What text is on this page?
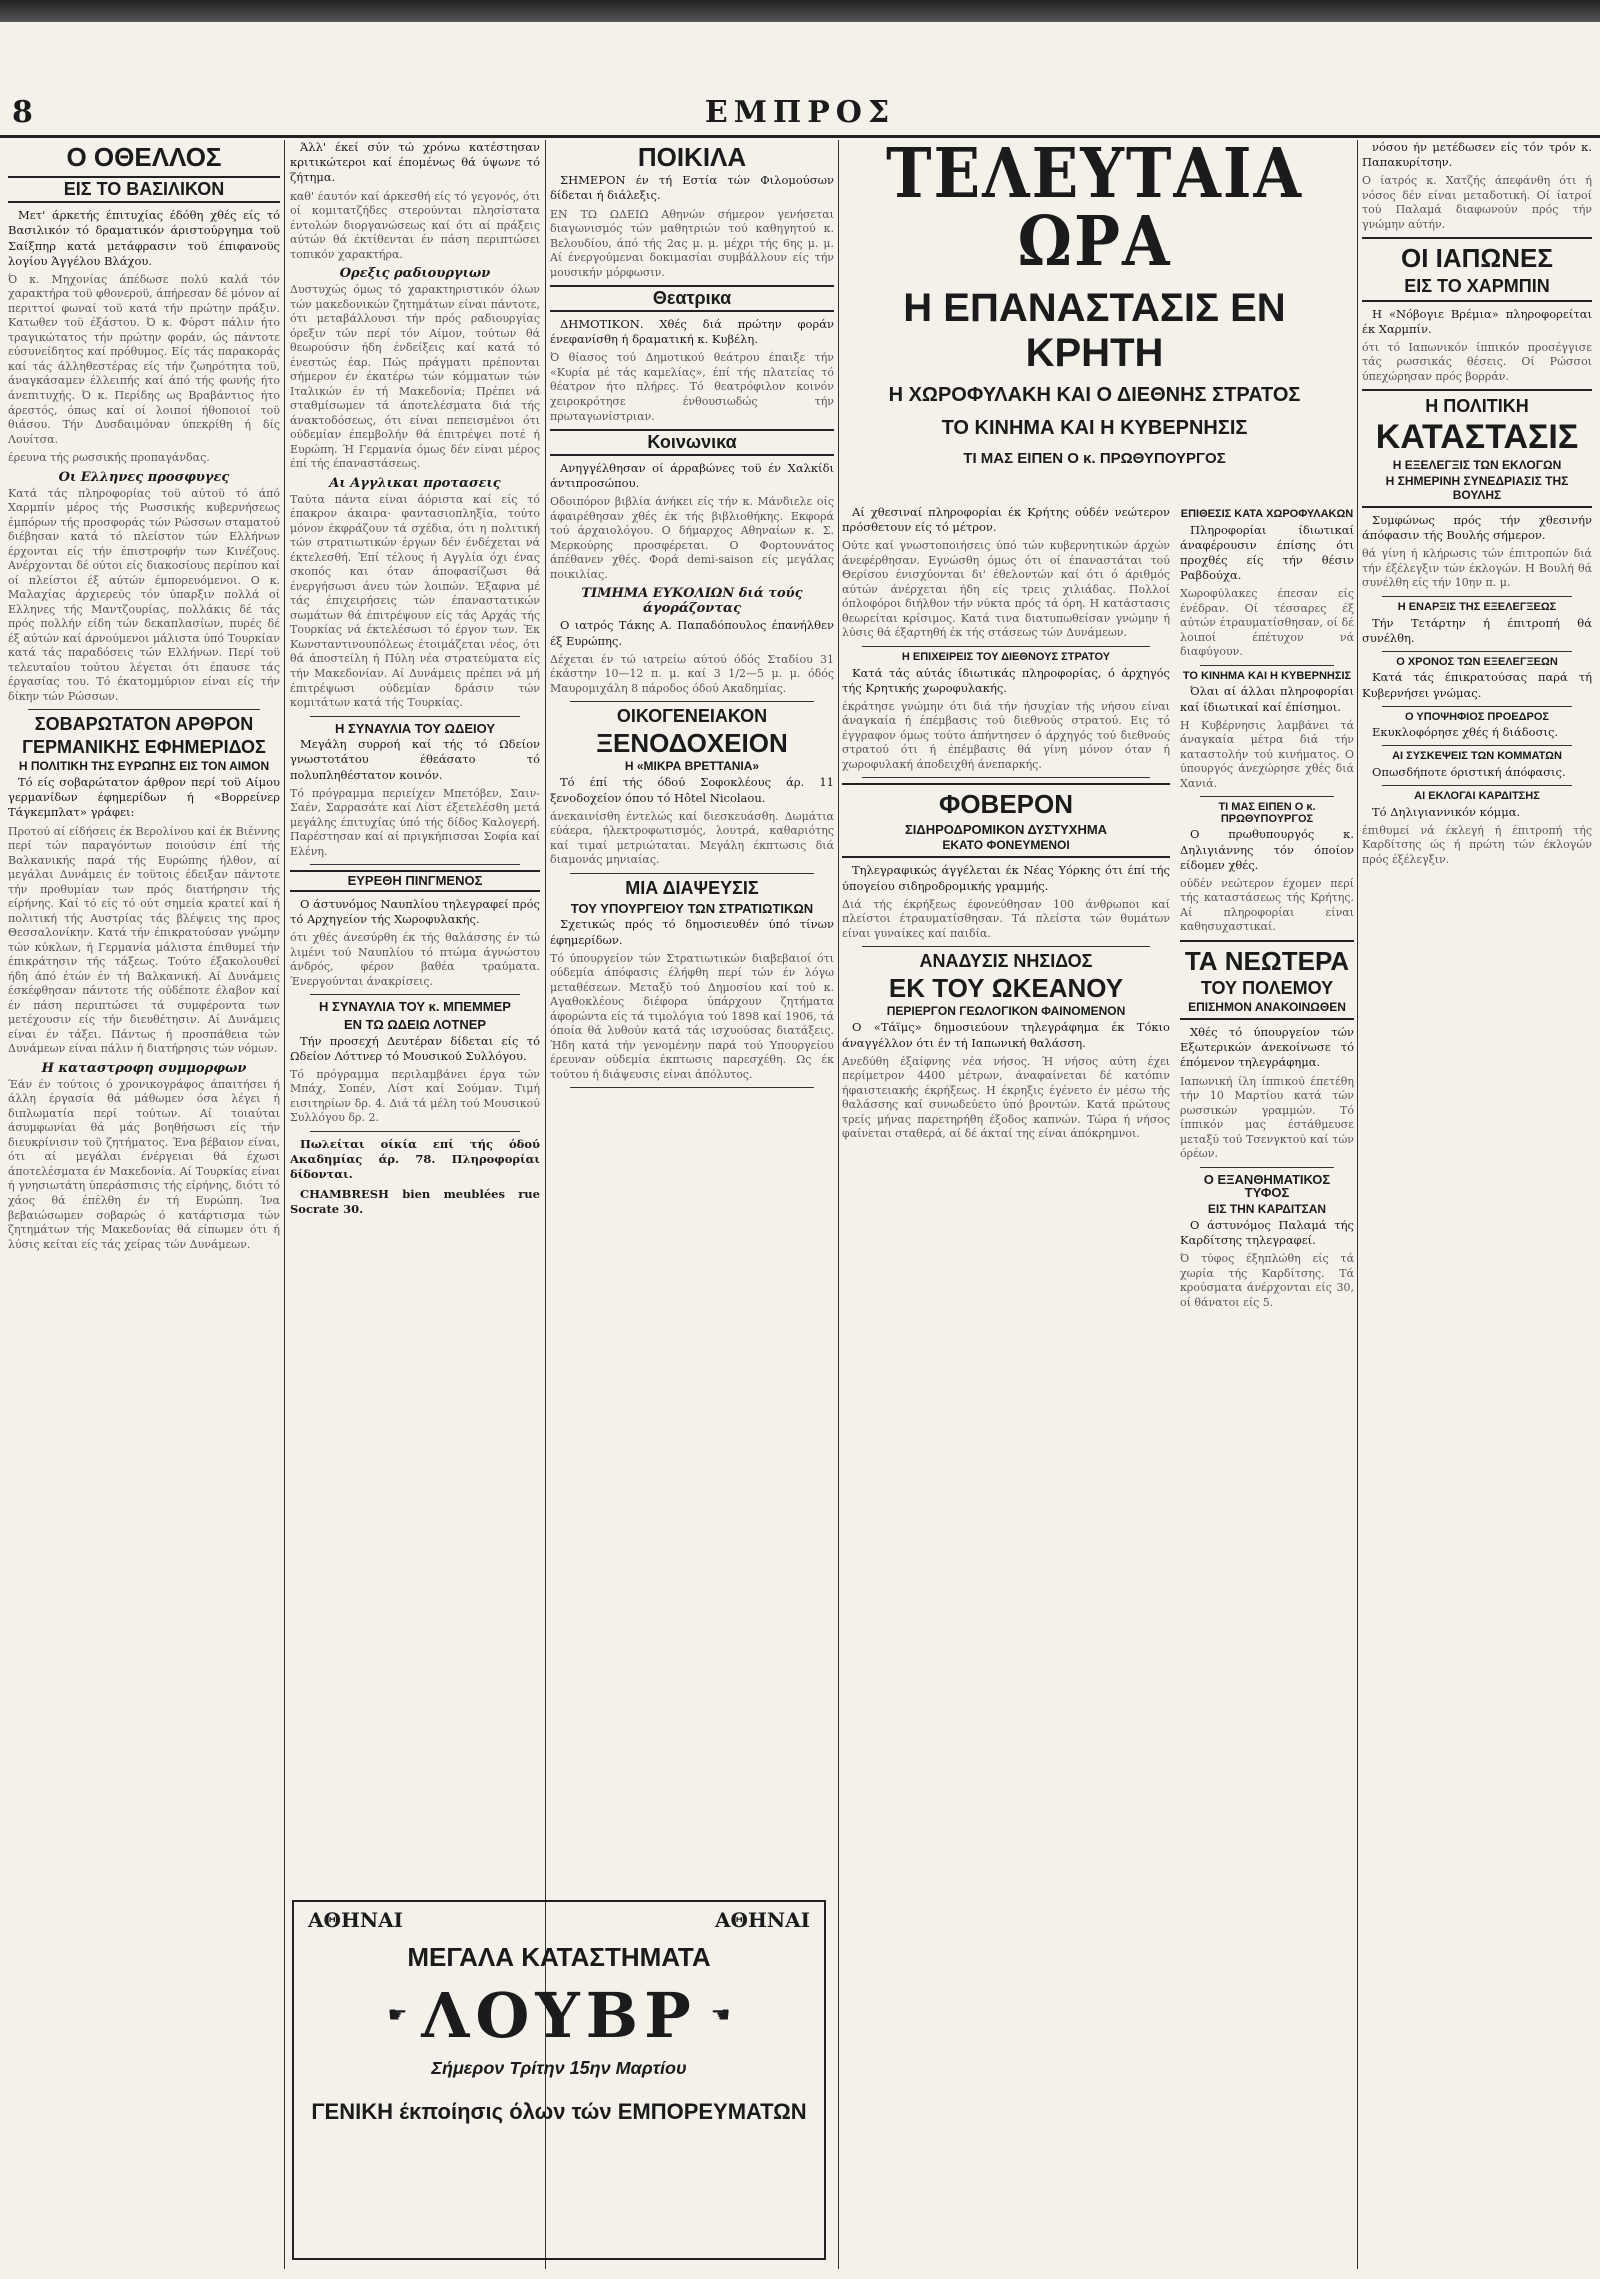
8	ΕΜΠΡΟΣ
Ο ΟΘΕΛΛΟΣ
ΕΙΣ ΤΟ ΒΑΣΙΛΙΚΟΝ

Μετ' άρκετής έπιτυχίας έδόθη χθές είς τό Βασιλικόν τό δραματικόν άριστούργημα τοϋ Σαίξπηρ κατά μετάφρασιν τοϋ έπιφανοϋς λογίου Άγγέλου Βλάχου.

Ό κ. Μηχονίας άπέδωσε πολύ καλά τόν χαρακτήρα τοϋ φθονεροϋ, άπήρεσαν δέ μόνον αί περιττοί φωναί τοϋ κατά τήν πρώτην πράξιν. Κατωθεν τοϋ έξάστου. Ό κ. Φύρστ πάλιν ήτο τραγικώτατος τήν πρώτην φοράν, ώς πάντοτε εύσυνείδητος καί πρόθυμος. Είς τάς παρακοράς καί τάς άλληθεστέρας είς τήν ζωηρότητα τοϋ, άναγκάσαμεν έλλειπής καί άπό τής φωνής ήτο άνεπιτυχής. Ό κ. Περίδης ως Βραβάντιος ήτο άρεστός, όπως καί οί λοιποί ήθοποιοί τοϋ θιάσου. Τήν Δυσδαιμόναν ύπεκρίθη ή δίς Λουίτσα.
έρευνα τής ρωσσικής προπαγάνδας.
Οι Ελληνες προσφυγες
Κατά τάς πληροφορίας τοϋ αύτοϋ τό άπό Χαρμπίν μέρος τής Ρωσσικής κυβερνήσεως έμπόρων τής προσφοράς τών Ρώσσων σταματού διέβησαν κατά τό πλείστον τών Ελλήνων έρχονται είς τήν έπιστροφήν των Κινέζους. Ανέρχονται δέ ούτοι είς διακοσίους περίπου καί οί πλείστοι έξ αύτών έμπορευόμενοι. Ο κ. Μαλαχίας άρχιερεύς τόν ύπαρξιν πολλά οί Ελληνες τής Μαντζουρίας, πολλάκις δέ τάς πρός πολλήν είδη τών δεκαπλασίων, πυρές δέ έξ αύτών καί άρνούμενοι μάλιστα ύπό Τουρκίαν κατά τάς παραδόσεις τών Ελλήνων. Περί τοϋ τελευταίου τούτου λέγεται ότι έπαυσε τάς έργασίας του. Τό έκατομμύριον είναι είς τήν δίκην τών Ρώσσων.
ΣΟΒΑΡΩΤΑΤΟΝ ΑΡΘΡΟΝ
ΓΕΡΜΑΝΙΚΗΣ ΕΦΗΜΕΡΙΔΟΣ
Η ΠΟΛΙΤΙΚΗ ΤΗΣ ΕΥΡΩΠΗΣ ΕΙΣ ΤΟΝ ΑΙΜΟΝ

Τό είς σοβαρώτατον άρθρον περί τοϋ Αίμου γερμανίδων έφημερίδων ή «Βορρείνερ Τάγκεμπλατ» γράφει:

Προτού αί είδήσεις έκ Βερολίνου καί έκ Βιέννης περί τών παραγόντων ποιούσιν έπί τής Βαλκανικής παρά τής Ευρώπης ήλθον, αί μεγάλαι Δυνάμεις έν τοϋτοις έδειξαν πάντοτε τήν προθυμίαν των πρός διατήρησιν τής είρήνης. Καί τό είς τό ούτ σημεία κρατεί καί ή πολιτική τής Αυστρίας τάς βλέψεις της προς Θεσσαλονίκην. Κατά τήν έπικρατούσαν γνώμην τών κύκλων, ή Γερμανία μάλιστα έπιθυμεί τήν έπικράτησιν τής τάξεως. Τούτο έξακολουθεί ήδη άπό έτών έν τή Βαλκανική. Αί Δυνάμεις έσκέφθησαν πάντοτε τής ούδέποτε έλαβον καί έν πάση περιπτώσει τά συμφέροντα των μετέχουσιν είς τήν διευθέτησιν. Αί Δυνάμεις είναι έν τάξει. Πάντως ή προσπάθεια τών Δυνάμεων είναι πάλιν ή διατήρησις τών νόμων.
Η καταστροφη συμμορφων
Έάν έν τούτοις ό χρονικογράφος άπαιτήσει ή άλλη έργασία θά μάθωμεν όσα λέγει ή διπλωματία περί τούτων. Αί τοιαύται άσυμφωνίαι θά μάς βοηθήσωσι είς τήν διευκρίνισιν τοϋ ζητήματος. Ένα βέβαιον είναι, ότι αί μεγάλαι ένέργειαι θά έχωσι άποτελέσματα έν Μακεδονία. Αί Τουρκίας είναι ή γνησιωτάτη ύπεράσπισις τής είρήνης, διότι τό χάος θά έπέλθη έν τή Ευρώπη. Ίνα βεβαιώσωμεν σοβαρώς ό κατάρτισμα τών ζητημάτων τής Μακεδονίας θά είπωμεν ότι ή λύσις κείται είς τάς χείρας τών Δυνάμεων.

Άλλ' έκεί σύν τώ χρόνω κατέστησαν κριτικώτεροι καί έπομένως θά ύψωνε τό ζήτημα.

καθ' έαυτόν καί άρκεσθή είς τό γεγονός, ότι οί κομιτατζήδες στερούνται πλησίστατα έντολών διοργανώσεως καί ότι αί πράξεις αύτών θά έκτίθενται έν πάση περιπτώσει τοπικόν χαρακτήρα.
Ορεξις ραδιουργιων
Δυστυχώς όμως τό χαρακτηριστικόν όλων τών μακεδονικών ζητημάτων είναι πάντοτε, ότι μεταβάλλουσι τήν πρός ραδιουργίας όρεξιν τών περί τόν Αίμον, τούτων θά θεωρούσιν ήδη ένδείξεις καί κατά τό ένεστώς έαρ. Πώς πράγματι πρέπονται σήμερον έν έκατέρω τών κόμματων τών Ιταλικών έν τή Μακεδονία; Πρέπει νά σταθμίσωμεν τά άποτελέσματα διά τής άνακτοδόσεως, ότι είναι πεπεισμένοι ότι ούδεμίαν έπεμβολήν θά έπιτρέψει ποτέ ή Ευρώπη. Ή Γερμανία όμως δέν είναι μέρος έπί τής έπαναστάσεως.
Αι Αγγλικαι προτασεις
Ταύτα πάντα είναι άόριστα καί είς τό έπακρον άκαιρα· φαντασιοπληξία, τούτο μόνον έκφράζουν τά σχέδια, ότι η πολιτική τών στρατιωτικών έργων δέν ένδέχεται νά έκτελεσθή. Έπί τέλους ή Αγγλία όχι ένας σκοπός και όταν άποφασίζωσι θά ένεργήσωσι άνευ τών λοιπών. Έξαφνα μέ τάς έπιχειρήσεις τών έπαναστατικών σωμάτων θά έπιτρέψουν είς τάς Αρχάς τής Τουρκίας νά έκτελέσωσι τό έργον των. Έκ Κωνσταντινουπόλεως έτοιμάζεται νέος, ότι θά άποστείλη ή Πύλη νέα στρατεύματα είς τήν Μακεδονίαν. Αί Δυνάμεις πρέπει νά μή έπιτρέψωσι ούδεμίαν δράσιν τών κομιτάτων κατά τής Τουρκίας.
Η ΣΥΝΑΥΛΙΑ ΤΟΥ ΩΔΕΙΟΥ

Μεγάλη συρροή καί τής τό Ωδείον γνωστοτάτου έθεάσατο τό πολυπληθέστατον κοινόν.

Τό πρόγραμμα περιείχεν Μπετόβεν, Σαιν-Σαέν, Σαρρασάτε καί Λίστ έξετελέσθη μετά μεγάλης έπιτυχίας ύπό τής δίδος Καλογερή. Παρέστησαν καί αί πριγκήπισσαι Σοφία καί Ελένη.
ΕΥΡΕΘΗ ΠΙΝΓΜΕΝΟΣ

Ο άστυνόμος Ναυπλίου τηλεγραφεί πρός τό Αρχηγείον τής Χωροφυλακής.

ότι χθές άνεσύρθη έκ τής θαλάσσης έν τώ λιμένι τού Ναυπλίου τό πτώμα άγνώστου άνδρός, φέρον βαθέα τραύματα. Ένεργούνται άνακρίσεις.
Η ΣΥΝΑΥΛΙΑ ΤΟΥ κ. ΜΠΕΜΜΕΡ
ΕΝ ΤΩ ΩΔΕΙΩ ΛΟΤΝΕΡ

Τήν προσεχή Δευτέραν δίδεται είς τό Ωδείον Λόττνερ τό Μουσικού Συλλόγου.

Τό πρόγραμμα περιλαμβάνει έργα τών Μπάχ, Σοπέν, Λίστ καί Σούμαν. Τιμή εισιτηρίων δρ. 4. Διά τά μέλη τού Μουσικού Συλλόγου δρ. 2.

Πωλείται οίκία επί τής όδού Ακαδημίας άρ. 78. Πληροφορίαι δίδονται.

CHAMBRESH bien meublées rue Socrate 30.

ΠΟΙΚΙΛΑ

ΣΗΜΕΡΟΝ έν τή Εστία τών Φιλομούσων δίδεται ή διάλεξις.

ΕΝ ΤΩ ΩΔΕΙΩ Αθηνών σήμερον γενήσεται διαγωνισμός τών μαθητριών τού καθηγητού κ. Βελουδίου, άπό τής 2ας μ. μ. μέχρι τής 6ης μ. μ. Αί ένεργούμεναι δοκιμασίαι συμβάλλουν είς τήν μουσικήν μόρφωσιν.
Θεατρικα

ΔΗΜΟΤΙΚΟΝ. Χθές διά πρώτην φοράν ένεφανίσθη ή δραματική κ. Κυβέλη.

Ό θίασος τού Δημοτικού θεάτρου έπαιξε τήν «Κυρία μέ τάς καμελίας», έπί τής πλατείας τό θέατρον ήτο πλήρες. Τό θεατρόφιλον κοινόν χειροκρότησε ένθουσιωδώς τήν πρωταγωνίστριαν.
Κοινωνικα

Ανηγγέλθησαν οί άρραβώνες τοϋ έν Χαλκίδι άντιπροσώπου.

Οδοιπόρον βιβλία άνήκει είς τήν κ. Μάνδιελε οίς άφαιρέθησαν χθές έκ τής βιβλιοθήκης. Εκφορά τού άρχαιολόγου. Ο δήμαρχος Αθηναίων κ. Σ. Μερκούρης προσφέρεται. Ο Φορτουνάτος άπέθανεν χθές. Φορά demi-saison είς μεγάλας ποικιλίας.
ΤΙΜΗΜΑ ΕΥΚΟΛΙΩΝ διά τούς άγοράζοντας

Ο ιατρός Τάκης Α. Παπαδόπουλος έπανήλθεν έξ Ευρώπης.

Δέχεται έν τώ ιατρείω αύτού όδός Σταδίου 31 έκάστην 10—12 π. μ. καί 3 1/2—5 μ. μ. όδός Μαυρομιχάλη 8 πάροδος όδού Ακαδημίας.
ΟΙΚΟΓΕΝΕΙΑΚΟΝ
ΞΕΝΟΔΟΧΕΙΟΝ
Η «ΜΙΚΡΑ ΒΡΕΤΤΑΝΙΑ»

Τό έπί τής όδού Σοφοκλέους άρ. 11 ξενοδοχείον όπου τό Hôtel Nicolaou.

άνεκαινίσθη έντελώς καί διεσκευάσθη. Δωμάτια εύάερα, ήλεκτροφωτισμός, λουτρά, καθαριότης καί τιμαί μετριώταται. Μεγάλη έκπτωσις διά διαμονάς μηνιαίας.
ΜΙΑ ΔΙΑΨΕΥΣΙΣ
ΤΟΥ ΥΠΟΥΡΓΕΙΟΥ ΤΩΝ ΣΤΡΑΤΙΩΤΙΚΩΝ

Σχετικώς πρός τό δημοσιευθέν ύπό τίνων έφημερίδων.

Τό ύπουργείον τών Στρατιωτικών διαβεβαιοί ότι ούδεμία άπόφασις έλήφθη περί τών έν λόγω μεταθέσεων. Μεταξύ τού Δημοσίου καί τού κ. Αγαθοκλέους διέφορα ύπάρχουν ζητήματα άφορώντα είς τά τιμολόγια τού 1898 καί 1906, τά όποία θά λυθούν κατά τάς ισχυούσας διατάξεις. Ήδη κατά τήν γενομένην παρά τού Υπουργείου έρευναν ούδεμία έκπτωσις παρεσχέθη. Ως έκ τούτου ή διάψευσις είναι άπόλυτος.
ΤΕΛΕΥΤΑΙΑ ΩΡΑ
Η ΕΠΑΝΑΣΤΑΣΙΣ ΕΝ ΚΡΗΤΗ
Η ΧΩΡΟΦΥΛΑΚΗ ΚΑΙ Ο ΔΙΕΘΝΗΣ ΣΤΡΑΤΟΣ
ΤΟ ΚΙΝΗΜΑ ΚΑΙ Η ΚΥΒΕΡΝΗΣΙΣ
ΤΙ ΜΑΣ ΕΙΠΕΝ Ο κ. ΠΡΩΘΥΠΟΥΡΓΟΣ

Αί χθεσιναί πληροφορίαι έκ Κρήτης ούδέν νεώτερον πρόσθετουν είς τό μέτρον.

Ούτε καί γνωστοποιήσεις ύπό τών κυβερνητικών άρχών άνεφέρθησαν. Εγνώσθη όμως ότι οί έπαναστάται τού Θερίσου ένισχύονται δι' έθελοντών καί ότι ό άριθμός αύτών άνέρχεται ήδη είς τρεις χιλιάδας. Πολλοί όπλοφόροι διήλθον τήν νύκτα πρός τά όρη. Η κατάστασις θεωρείται κρίσιμος. Κατά τινα διατυπωθείσαν γνώμην ή λύσις θά έξαρτηθή έκ τής στάσεως τών Δυνάμεων.
Η ΕΠΙΧΕΙΡΕΙΣ ΤΟΥ ΔΙΕΘΝΟΥΣ ΣΤΡΑΤΟΥ

Κατά τάς αύτάς ίδιωτικάς πληροφορίας, ό άρχηγός τής Κρητικής χωροφυλακής.

έκράτησε γνώμην ότι διά τήν ήσυχίαν τής νήσου είναι άναγκαία ή έπέμβασις τού διεθνούς στρατού. Εις τό έγγραφον όμως τούτο άπήντησεν ό άρχηγός τού διεθνούς στρατού ότι ή έπέμβασις θά γίνη μόνον όταν ή χωροφυλακή άποδειχθή άνεπαρκής.
ΦΟΒΕΡΟΝ
ΣΙΔΗΡΟΔΡΟΜΙΚΟΝ ΔΥΣΤΥΧΗΜΑ
ΕΚΑΤΟ ΦΟΝΕΥΜΕΝΟΙ

Τηλεγραφικώς άγγέλεται έκ Νέας Υόρκης ότι έπί τής ύπογείου σιδηροδρομικής γραμμής.

Διά τής έκρήξεως έφονεύθησαν 100 άνθρωποι καί πλείστοι έτραυματίσθησαν. Τά πλείστα τών θυμάτων είναι γυναίκες καί παιδία.
ΑΝΑΔΥΣΙΣ ΝΗΣΙΔΟΣ
ΕΚ ΤΟΥ ΩΚΕΑΝΟΥ
ΠΕΡΙΕΡΓΟΝ ΓΕΩΛΟΓΙΚΟΝ ΦΑΙΝΟΜΕΝΟΝ

Ο «Τάϊμς» δημοσιεύουν τηλεγράφημα έκ Τόκιο άναγγέλλον ότι έν τή Ιαπωνική θαλάσση.

Ανεδύθη έξαίφνης νέα νήσος. Ή νήσος αύτη έχει περίμετρον 4400 μέτρων, άναφαίνεται δέ κατόπιν ήφαιστειακής έκρήξεως. Η έκρηξις έγένετο έν μέσω τής θαλάσσης καί συνωδεύετο ύπό βροντών. Κατά πρώτους τρείς μήνας παρετηρήθη έξοδος καπνών. Τώρα ή νήσος φαίνεται σταθερά, αί δέ άκταί της είναι άπόκρημνοι.
ΕΠΙΘΕΣΙΣ ΚΑΤΑ ΧΩΡΟΦΥΛΑΚΩΝ

Πληροφορίαι ίδιωτικαί άναφέρουσιν έπίσης ότι προχθές είς τήν θέσιν Ραβδούχα.

Χωροφύλακες έπεσαν είς ένέδραν. Οί τέσσαρες έξ αύτών έτραυματίσθησαν, οί δέ λοιποί έπέτυχον νά διαφύγουν.
ΤΟ ΚΙΝΗΜΑ ΚΑΙ Η ΚΥΒΕΡΝΗΣΙΣ

Όλαι αί άλλαι πληροφορίαι καί ίδιωτικαί καί έπίσημοι.

Η Κυβέρνησις λαμβάνει τά άναγκαία μέτρα διά τήν καταστολήν τού κινήματος. Ο ύπουργός άνεχώρησε χθές διά Χανιά.
ΤΙ ΜΑΣ ΕΙΠΕΝ Ο κ. ΠΡΩΘΥΠΟΥΡΓΟΣ

Ο πρωθυπουργός κ. Δηλιγιάννης τόν όποίον είδομεν χθές.

ούδέν νεώτερον έχομεν περί τής καταστάσεως τής Κρήτης. Αί πληροφορίαι είναι καθησυχαστικαί.
ΤΑ ΝΕΩΤΕΡΑ
ΤΟΥ ΠΟΛΕΜΟΥ
ΕΠΙΣΗΜΟΝ ΑΝΑΚΟΙΝΩΘΕΝ

Χθές τό ύπουργείον τών Εξωτερικών άνεκοίνωσε τό έπόμενον τηλεγράφημα.

Ιαπωνική ίλη ίππικού έπετέθη τήν 10 Μαρτίου κατά τών ρωσσικών γραμμών. Τό ίππικόν μας έστάθμευσε μεταξύ τού Τσενγκτού καί τών όρέων.
Ο ΕΞΑΝΘΗΜΑΤΙΚΟΣ ΤΥΦΟΣ
ΕΙΣ ΤΗΝ ΚΑΡΔΙΤΣΑΝ

Ο άστυνόμος Παλαμά τής Καρδίτσης τηλεγραφεί.

Ό τύφος έξηπλώθη είς τά χωρία τής Καρδίτσης. Τά κρούσματα άνέρχονται είς 30, οί θάνατοι είς 5.

νόσου ήν μετέδωσεν είς τόν τρόν κ. Παπακυρίτσην.

Ο ίατρός κ. Χατζής άπεφάνθη ότι ή νόσος δέν είναι μεταδοτική. Οί ίατροί τού Παλαμά διαφωνούν πρός τήν γνώμην αύτήν.
ΟΙ ΙΑΠΩΝΕΣ
ΕΙΣ ΤΟ ΧΑΡΜΠΙΝ

Η «Νόβογιε Βρέμια» πληροφορείται έκ Χαρμπίν.

ότι τό Ιαπωνικόν ίππικόν προσέγγισε τάς ρωσσικάς θέσεις. Οί Ρώσσοι ύπεχώρησαν πρός βορράν.
Η ΠΟΛΙΤΙΚΗ
ΚΑΤΑΣΤΑΣΙΣ
Η ΕΞΕΛΕΓΞΙΣ ΤΩΝ ΕΚΛΟΓΩΝ
Η ΣΗΜΕΡΙΝΗ ΣΥΝΕΔΡΙΑΣΙΣ ΤΗΣ ΒΟΥΛΗΣ

Συμφώνως πρός τήν χθεσινήν άπόφασιν τής Βουλής σήμερον.

θά γίνη ή κλήρωσις τών έπιτροπών διά τήν έξέλεγξιν τών έκλογών. Η Βουλή θά συνέλθη είς τήν 10ην π. μ.
Η ΕΝΑΡΞΙΣ ΤΗΣ ΕΞΕΛΕΓΞΕΩΣ

Τήν Τετάρτην ή έπιτροπή θά συνέλθη.

Ο ΧΡΟΝΟΣ ΤΩΝ ΕΞΕΛΕΓΞΕΩΝ

Κατά τάς έπικρατούσας παρά τή Κυβερνήσει γνώμας.

Ο ΥΠΟΨΗΦΙΟΣ ΠΡΟΕΔΡΟΣ

Εκυκλοφόρησε χθές ή διάδοσις.

ΑΙ ΣΥΣΚΕΨΕΙΣ ΤΩΝ ΚΟΜΜΑΤΩΝ

Οπωσδήποτε όριστική άπόφασις.

ΑΙ ΕΚΛΟΓΑΙ ΚΑΡΔΙΤΣΗΣ

Τό Δηλιγιαννικόν κόμμα.

έπιθυμεί νά έκλεγή ή έπιτροπή τής Καρδίτσης ώς ή πρώτη τών έκλογών πρός έξέλεγξιν.
ΑΘΗΝΑΙ	ΑΘΗΝΑΙ
ΜΕΓΑΛΑ ΚΑΤΑΣΤΗΜΑΤΑ
☛ ΛΟΥΒΡ ☚
Σήμερον Τρίτην 15ην Μαρτίου
ΓΕΝΙΚΗ έκποίησις όλων τών ΕΜΠΟΡΕΥΜΑΤΩΝ
